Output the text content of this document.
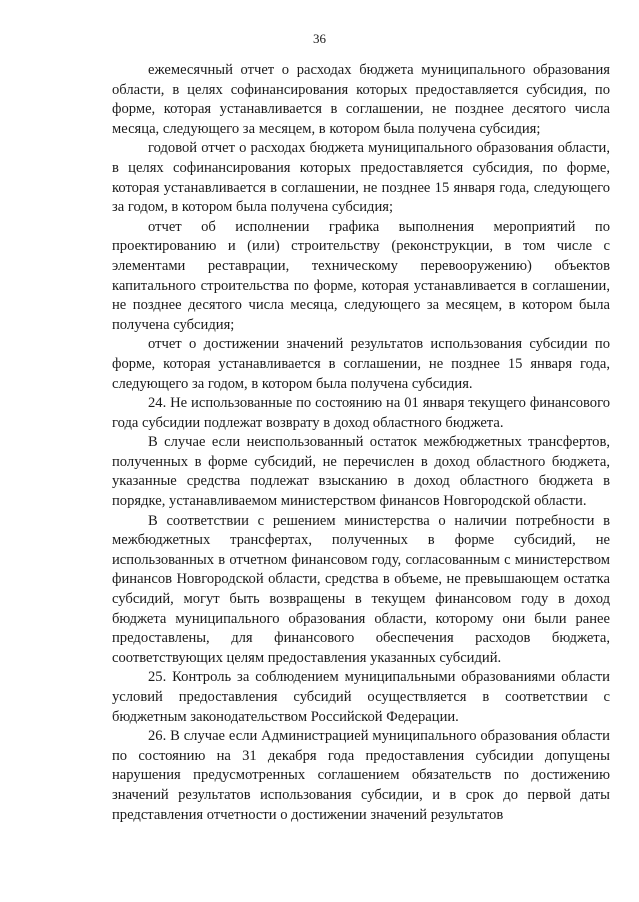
36

ежемесячный отчет о расходах бюджета муниципального образования области, в целях софинансирования которых предоставляется субсидия, по форме, которая устанавливается в соглашении, не позднее десятого числа месяца, следующего за месяцем, в котором была получена субсидия;

годовой отчет о расходах бюджета муниципального образования области, в целях софинансирования которых предоставляется субсидия, по форме, которая устанавливается в соглашении, не позднее 15 января года, следующего за годом, в котором была получена субсидия;

отчет об исполнении графика выполнения мероприятий по проектированию и (или) строительству (реконструкции, в том числе с элементами реставрации, техническому перевооружению) объектов капитального строительства по форме, которая устанавливается в соглашении, не позднее десятого числа месяца, следующего за месяцем, в котором была получена субсидия;

отчет о достижении значений результатов использования субсидии по форме, которая устанавливается в соглашении, не позднее 15 января года, следующего за годом, в котором была получена субсидия.

24. Не использованные по состоянию на 01 января текущего финансового года субсидии подлежат возврату в доход областного бюджета.

В случае если неиспользованный остаток межбюджетных трансфертов, полученных в форме субсидий, не перечислен в доход областного бюджета, указанные средства подлежат взысканию в доход областного бюджета в порядке, устанавливаемом министерством финансов Новгородской области.

В соответствии с решением министерства о наличии потребности в межбюджетных трансфертах, полученных в форме субсидий, не использованных в отчетном финансовом году, согласованным с министерством финансов Новгородской области, средства в объеме, не превышающем остатка субсидий, могут быть возвращены в текущем финансовом году в доход бюджета муниципального образования области, которому они были ранее предоставлены, для финансового обеспечения расходов бюджета, соответствующих целям предоставления указанных субсидий.

25. Контроль за соблюдением муниципальными образованиями области условий предоставления субсидий осуществляется в соответствии с бюджетным законодательством Российской Федерации.

26. В случае если Администрацией муниципального образования области по состоянию на 31 декабря года предоставления субсидии допущены нарушения предусмотренных соглашением обязательств по достижению значений результатов использования субсидии, и в срок до первой даты представления отчетности о достижении значений результатов
